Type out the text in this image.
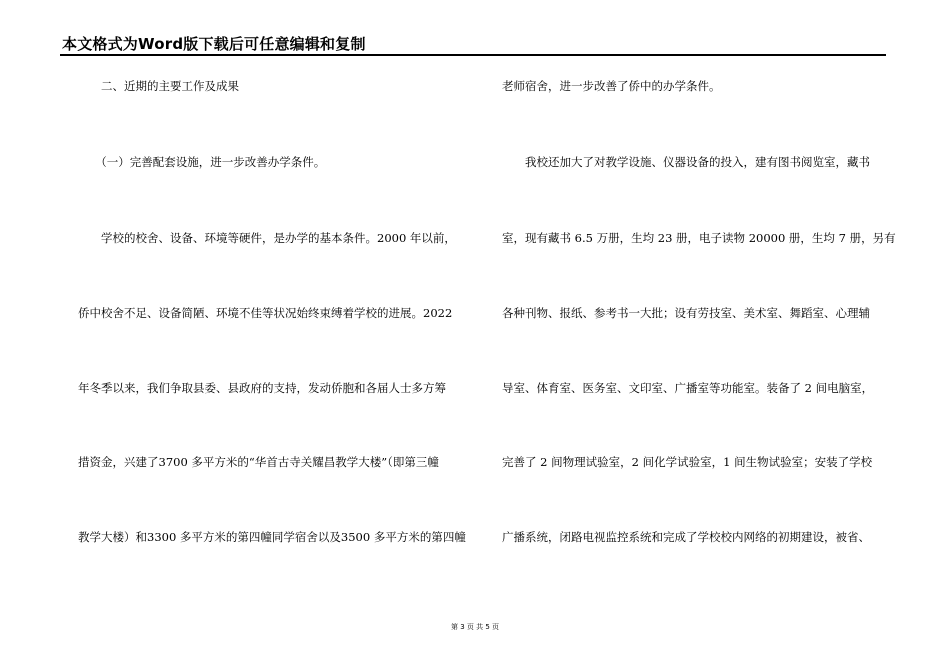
本文格式为Word版下载后可任意编辑和复制
　　二、近期的主要工作及成果
　　（一）完善配套设施，进一步改善办学条件。
　　学校的校舍、设备、环境等硬件，是办学的基本条件。2000 年以前，
侨中校舍不足、设备简陋、环境不佳等状况始终束缚着学校的进展。2022
年冬季以来，我们争取县委、县政府的支持，发动侨胞和各届人士多方筹
措资金，兴建了3700 多平方米的“华首古寺关耀昌教学大楼”（即第三幢
教学大楼）和3300 多平方米的第四幢同学宿舍以及3500 多平方米的第四幢
老师宿舍，进一步改善了侨中的办学条件。
　　我校还加大了对教学设施、仪器设备的投入，建有图书阅览室，藏书
室，现有藏书 6.5 万册，生均 23 册，电子读物 20000 册，生均 7 册，另有
各种刊物、报纸、参考书一大批；设有劳技室、美术室、舞蹈室、心理辅
导室、体育室、医务室、文印室、广播室等功能室。装备了 2 间电脑室，
完善了 2 间物理试验室，2 间化学试验室，1 间生物试验室；安装了学校
广播系统，闭路电视监控系统和完成了学校校内网络的初期建设，被省、
第 3 页 共 5 页
